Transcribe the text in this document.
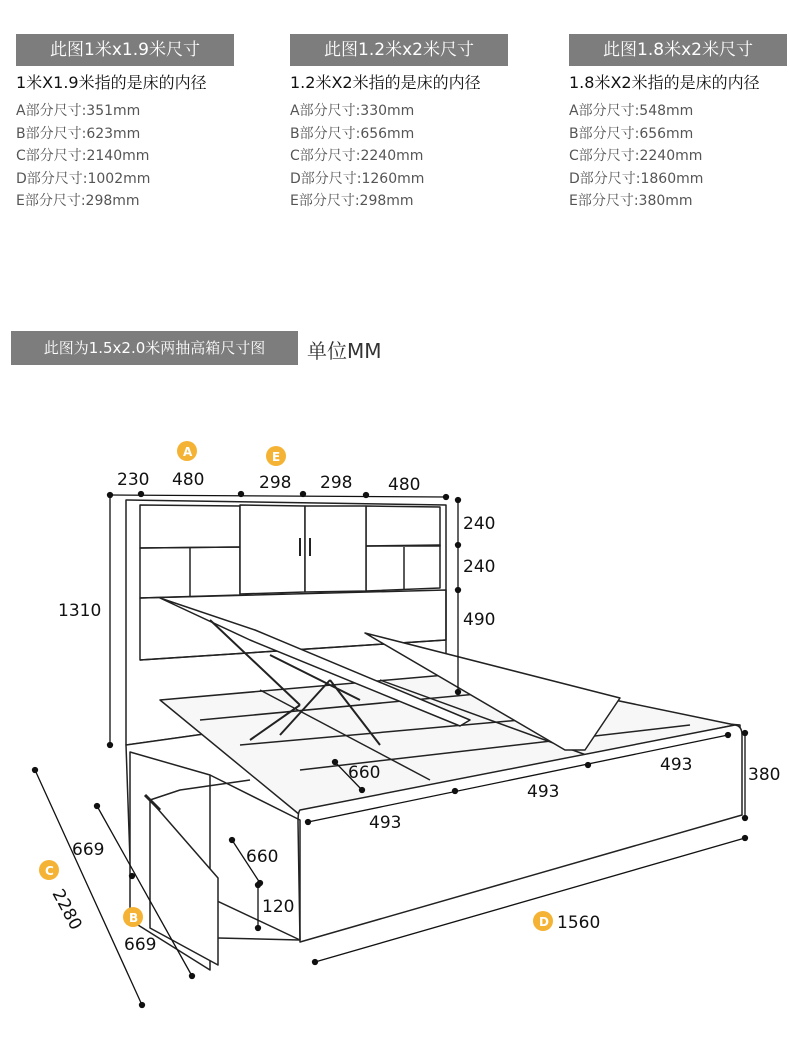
此图1米x1.9米尺寸
1米X1.9米指的是床的内径
A部分尺寸:351mm
B部分尺寸:623mm
C部分尺寸:2140mm
D部分尺寸:1002mm
E部分尺寸:298mm
此图1.2米x2米尺寸
1.2米X2米指的是床的内径
A部分尺寸:330mm
B部分尺寸:656mm
C部分尺寸:2240mm
D部分尺寸:1260mm
E部分尺寸:298mm
此图1.8米x2米尺寸
1.8米X2米指的是床的内径
A部分尺寸:548mm
B部分尺寸:656mm
C部分尺寸:2240mm
D部分尺寸:1860mm
E部分尺寸:380mm
此图为1.5x2.0米两抽高箱尺寸图	单位MM
230 480	298 298 480
240
240
490
1310
380
660	493
493
493
660
120
669
2280
669
1560
A	E
C
B	D
